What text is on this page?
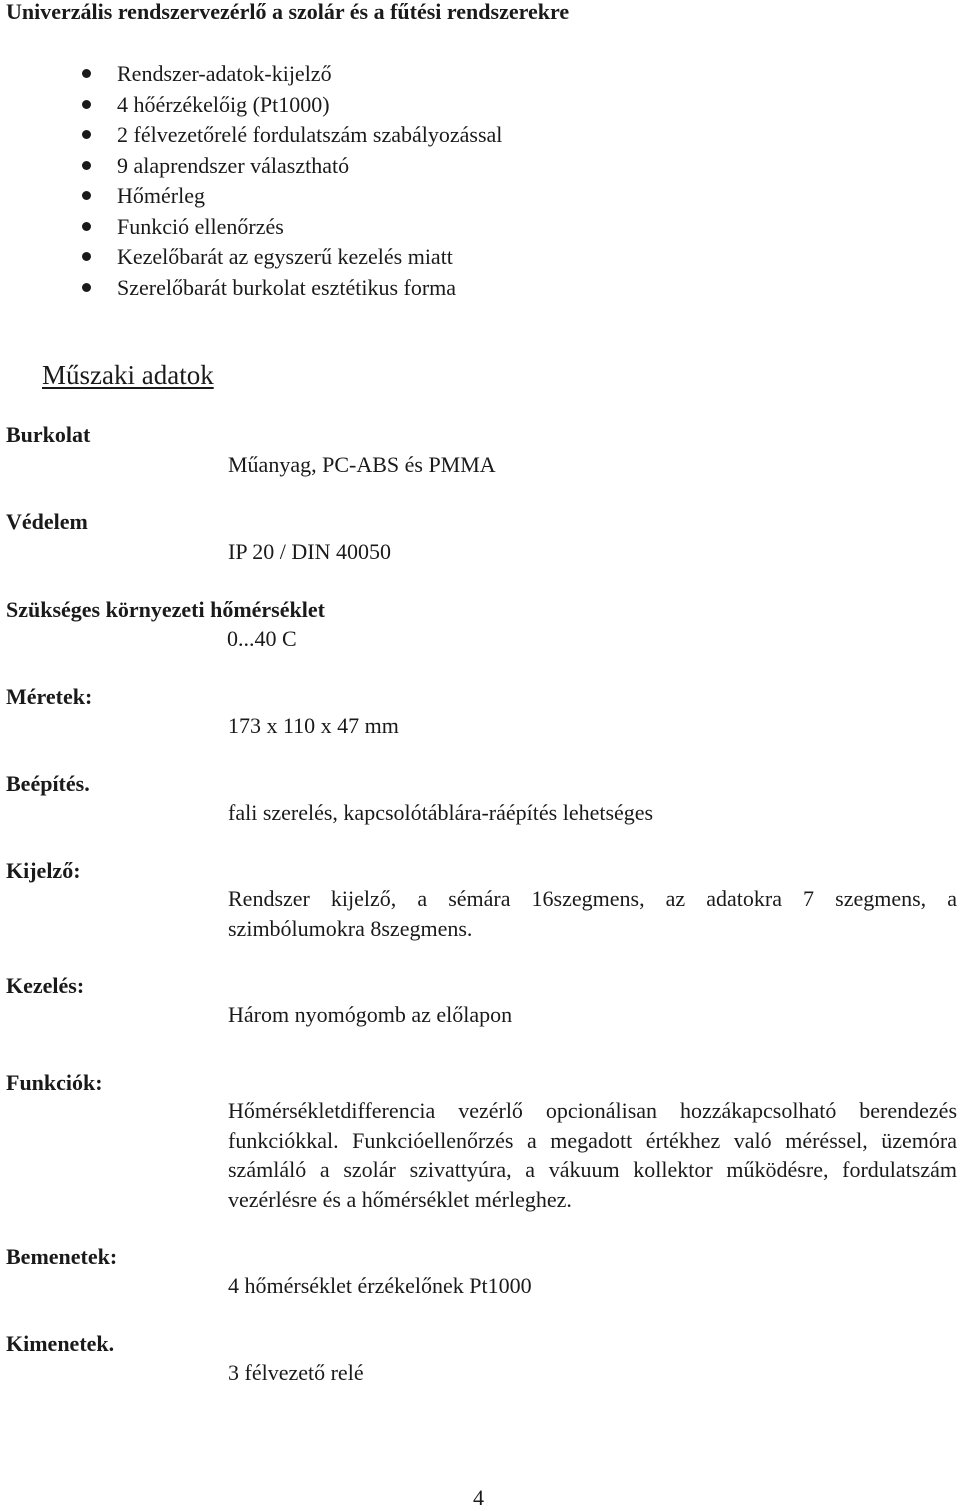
Univerzális rendszervezérlő a szolár és a fűtési rendszerekre
Rendszer-adatok-kijelző
4 hőérzékelőig (Pt1000)
2 félvezetőrelé fordulatszám szabályozással
9 alaprendszer választható
Hőmérleg
Funkció ellenőrzés
Kezelőbarát az egyszerű kezelés miatt
Szerelőbarát burkolat esztétikus forma
Műszaki adatok
Burkolat
Műanyag, PC-ABS és PMMA
Védelem
IP 20 / DIN 40050
Szükséges környezeti hőmérséklet
0...40 C
Méretek:
173 x 110 x 47 mm
Beépítés.
fali szerelés, kapcsolótáblára-ráépítés lehetséges
Kijelző:
Rendszer kijelző, a sémára 16szegmens, az adatokra 7 szegmens, a szimbólumokra 8szegmens.
Kezelés:
Három nyomógomb az előlapon
Funkciók:
Hőmérsékletdifferencia vezérlő opcionálisan hozzákapcsolható berendezés funkciókkal. Funkcióellenőrzés a megadott értékhez való méréssel, üzemóra számláló a szolár szivattyúra, a vákuum kollektor működésre, fordulatszám vezérlésre és a hőmérséklet mérleghez.
Bemenetek:
4 hőmérséklet érzékelőnek Pt1000
Kimenetek.
3 félvezető relé
4
